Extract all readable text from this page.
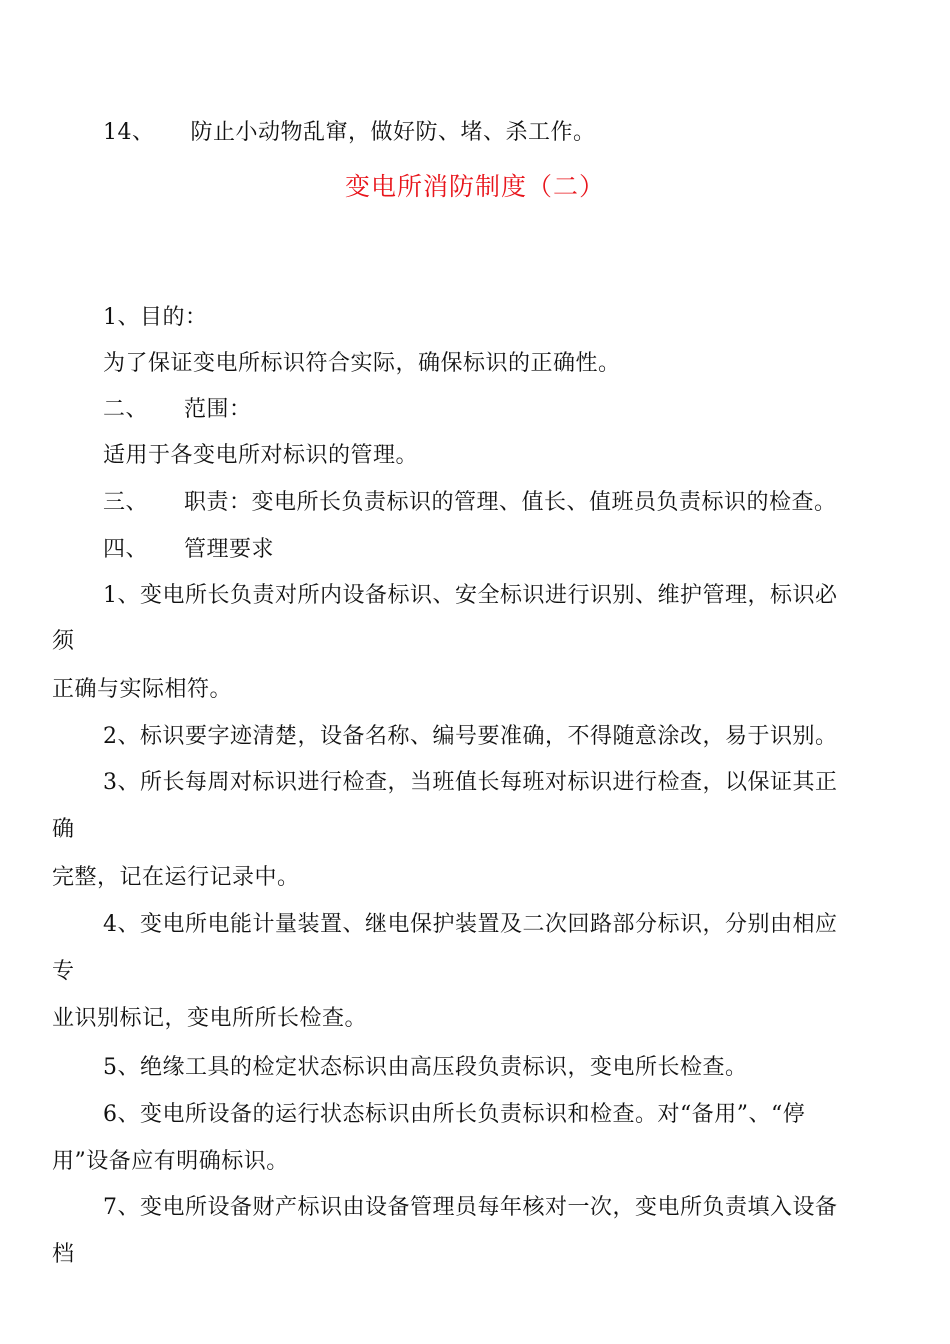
14、 防止小动物乱窜，做好防、堵、杀工作。
变电所消防制度（二）
1、目的：
为了保证变电所标识符合实际，确保标识的正确性。
二、 范围：
适用于各变电所对标识的管理。
三、 职责：变电所长负责标识的管理、值长、值班员负责标识的检查。
四、 管理要求
1、变电所长负责对所内设备标识、安全标识进行识别、维护管理，标识必
须
正确与实际相符。
2、标识要字迹清楚，设备名称、编号要准确，不得随意涂改，易于识别。
3、所长每周对标识进行检查，当班值长每班对标识进行检查，以保证其正
确
完整，记在运行记录中。
4、变电所电能计量装置、继电保护装置及二次回路部分标识，分别由相应
专
业识别标记，变电所所长检查。
5、绝缘工具的检定状态标识由高压段负责标识，变电所长检查。
6、变电所设备的运行状态标识由所长负责标识和检查。对“备用”、“停
用”设备应有明确标识。
7、变电所设备财产标识由设备管理员每年核对一次，变电所负责填入设备
档
